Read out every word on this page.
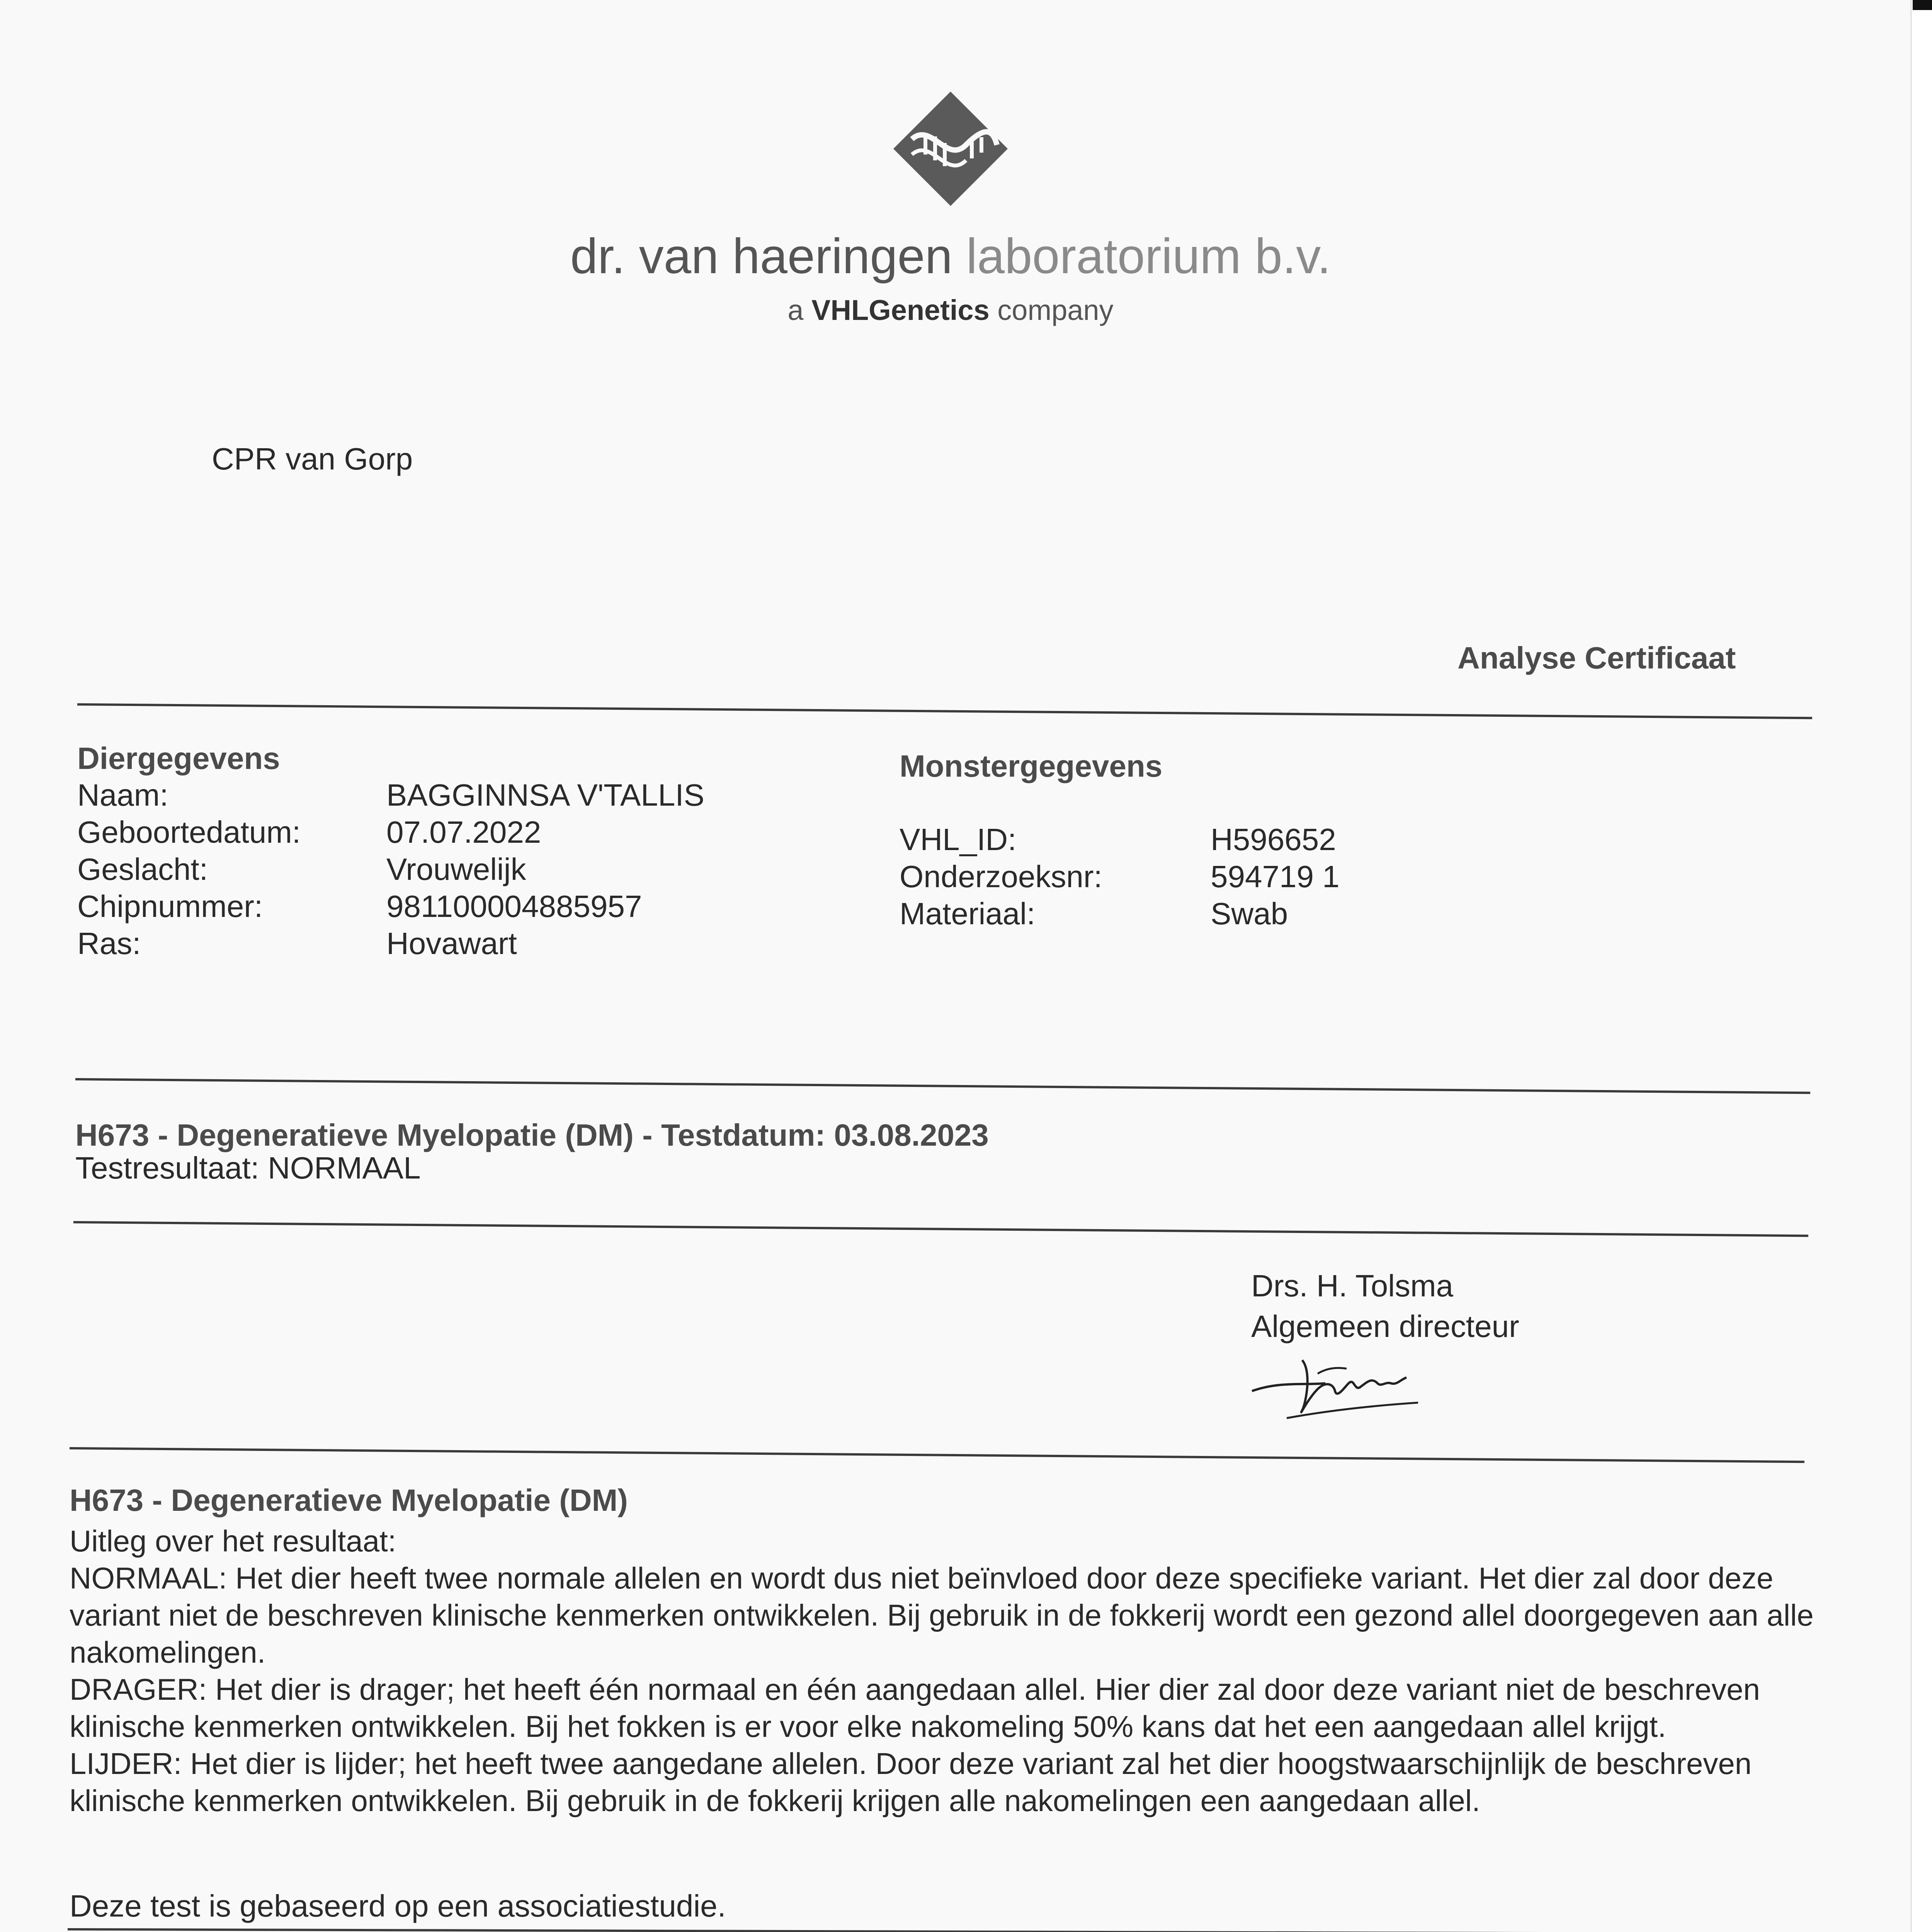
dr. van haeringen laboratorium b.v.
a VHLGenetics company
CPR van Gorp
Analyse Certificaat
Diergegevens
Naam:	BAGGINNSA V'TALLIS
Geboortedatum:	07.07.2022
Geslacht:	Vrouwelijk
Chipnummer:	981100004885957
Ras:	Hovawart
Monstergegevens
VHL_ID:	H596652
Onderzoeksnr:	594719 1
Materiaal:	Swab
H673 - Degeneratieve Myelopatie (DM) - Testdatum: 03.08.2023
Testresultaat: NORMAAL
Drs. H. Tolsma
Algemeen directeur
H673 - Degeneratieve Myelopatie (DM)

Uitleg over het resultaat:

NORMAAL: Het dier heeft twee normale allelen en wordt dus niet beïnvloed door deze specifieke variant. Het dier zal door deze variant niet de beschreven klinische kenmerken ontwikkelen. Bij gebruik in de fokkerij wordt een gezond allel doorgegeven aan alle nakomelingen.

DRAGER: Het dier is drager; het heeft één normaal en één aangedaan allel. Hier dier zal door deze variant niet de beschreven klinische kenmerken ontwikkelen. Bij het fokken is er voor elke nakomeling 50% kans dat het een aangedaan allel krijgt.

LIJDER: Het dier is lijder; het heeft twee aangedane allelen. Door deze variant zal het dier hoogstwaarschijnlijk de beschreven klinische kenmerken ontwikkelen. Bij gebruik in de fokkerij krijgen alle nakomelingen een aangedaan allel.

Deze test is gebaseerd op een associatiestudie.
